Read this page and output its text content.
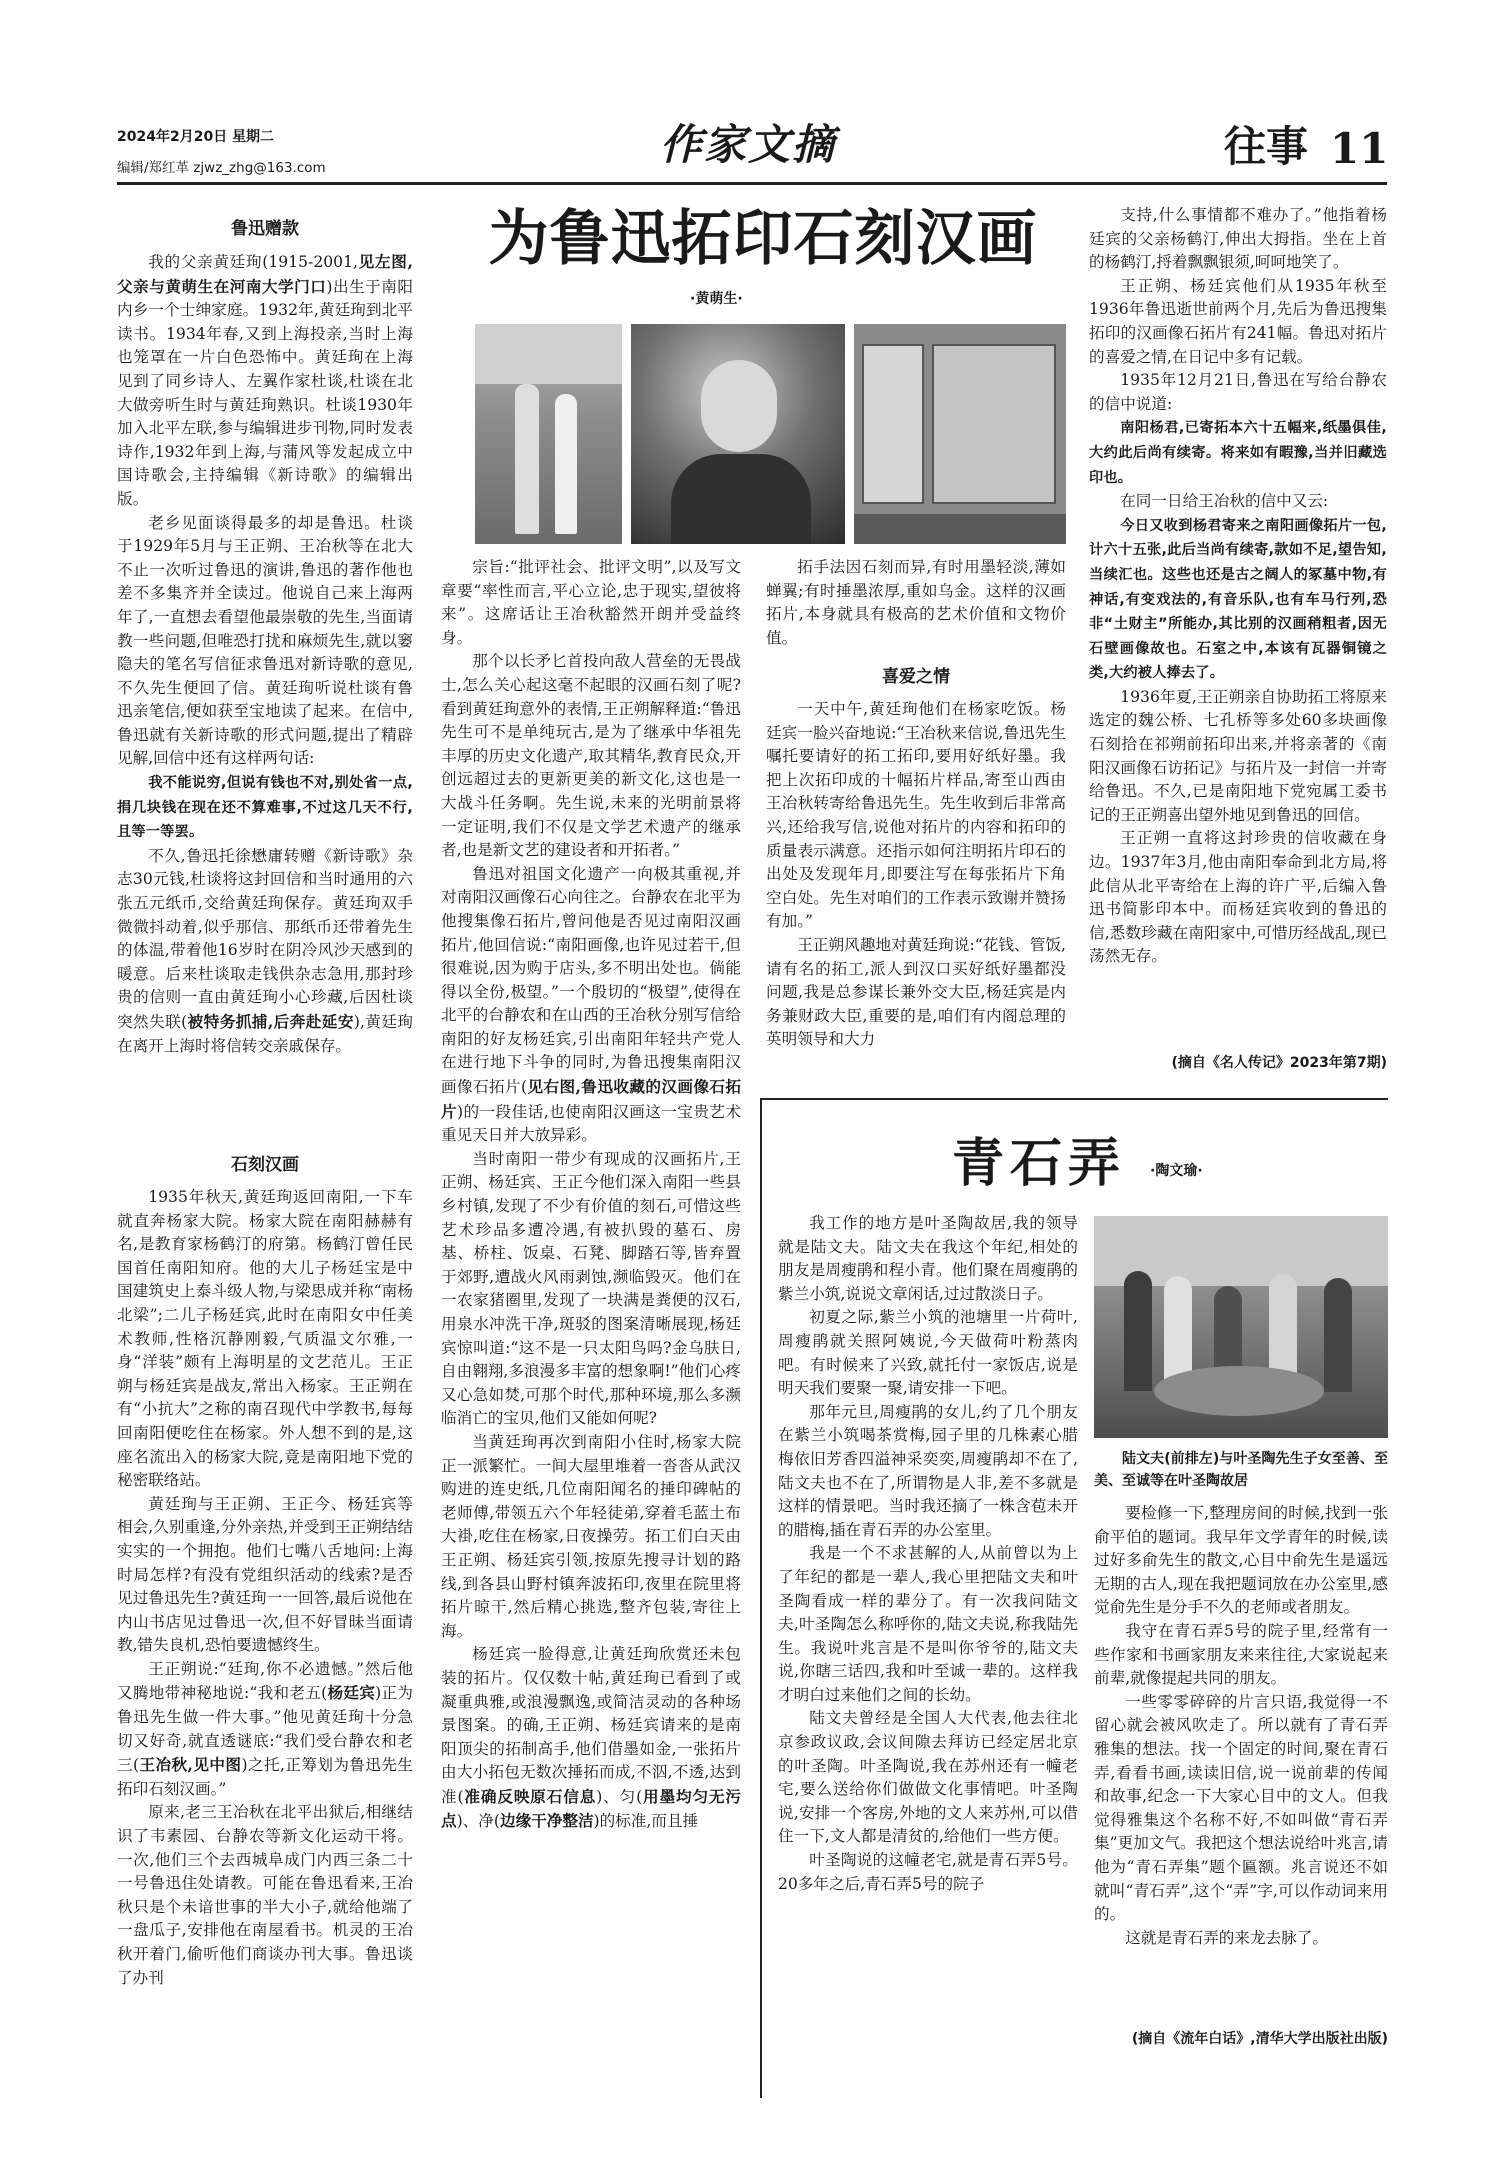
2024年2月20日 星期二
编辑/郑红革 zjwz_zhg@163.com	作家文摘	往事 11
为鲁迅拓印石刻汉画
·黄萌生·
鲁迅赠款

我的父亲黄廷珣(1915-2001,见左图,父亲与黄萌生在河南大学门口)出生于南阳内乡一个士绅家庭。1932年,黄廷珣到北平读书。1934年春,又到上海投亲,当时上海也笼罩在一片白色恐怖中。黄廷珣在上海见到了同乡诗人、左翼作家杜谈,杜谈在北大做旁听生时与黄廷珣熟识。杜谈1930年加入北平左联,参与编辑进步刊物,同时发表诗作,1932年到上海,与蒲风等发起成立中国诗歌会,主持编辑《新诗歌》的编辑出版。

老乡见面谈得最多的却是鲁迅。杜谈于1929年5月与王正朔、王冶秋等在北大不止一次听过鲁迅的演讲,鲁迅的著作他也差不多集齐并全读过。他说自己来上海两年了,一直想去看望他最崇敬的先生,当面请教一些问题,但唯恐打扰和麻烦先生,就以窭隐夫的笔名写信征求鲁迅对新诗歌的意见,不久先生便回了信。黄廷珣听说杜谈有鲁迅亲笔信,便如获至宝地读了起来。在信中,鲁迅就有关新诗歌的形式问题,提出了精辟见解,回信中还有这样两句话:

我不能说穷,但说有钱也不对,别处省一点,捐几块钱在现在还不算难事,不过这几天不行,且等一等罢。

不久,鲁迅托徐懋庸转赠《新诗歌》杂志30元钱,杜谈将这封回信和当时通用的六张五元纸币,交给黄廷珣保存。黄廷珣双手微微抖动着,似乎那信、那纸币还带着先生的体温,带着他16岁时在阴冷风沙天感到的暖意。后来杜谈取走钱供杂志急用,那封珍贵的信则一直由黄廷珣小心珍藏,后因杜谈突然失联(被特务抓捕,后奔赴延安),黄廷珣在离开上海时将信转交亲戚保存。

石刻汉画

1935年秋天,黄廷珣返回南阳,一下车就直奔杨家大院。杨家大院在南阳赫赫有名,是教育家杨鹤汀的府第。杨鹤汀曾任民国首任南阳知府。他的大儿子杨廷宝是中国建筑史上泰斗级人物,与梁思成并称“南杨北梁”;二儿子杨廷宾,此时在南阳女中任美术教师,性格沉静刚毅,气质温文尔雅,一身“洋装”颇有上海明星的文艺范儿。王正朔与杨廷宾是战友,常出入杨家。王正朔在有“小抗大”之称的南召现代中学教书,每每回南阳便吃住在杨家。外人想不到的是,这座名流出入的杨家大院,竟是南阳地下党的秘密联络站。

黄廷珣与王正朔、王正今、杨廷宾等相会,久别重逢,分外亲热,并受到王正朔结结实实的一个拥抱。他们七嘴八舌地问:上海时局怎样?有没有党组织活动的线索?是否见过鲁迅先生?黄廷珣一一回答,最后说他在内山书店见过鲁迅一次,但不好冒昧当面请教,错失良机,恐怕要遗憾终生。

王正朔说:“廷珣,你不必遗憾。”然后他又腾地带神秘地说:“我和老五(杨廷宾)正为鲁迅先生做一件大事。”他见黄廷珣十分急切又好奇,就直透谜底:“我们受台静农和老三(王冶秋,见中图)之托,正筹划为鲁迅先生拓印石刻汉画。”

原来,老三王冶秋在北平出狱后,相继结识了韦素园、台静农等新文化运动干将。一次,他们三个去西城阜成门内西三条二十一号鲁迅住处请教。可能在鲁迅看来,王冶秋只是个未谙世事的半大小子,就给他端了一盘瓜子,安排他在南屋看书。机灵的王冶秋开着门,偷听他们商谈办刊大事。鲁迅谈了办刊

宗旨:“批评社会、批评文明”,以及写文章要“率性而言,平心立论,忠于现实,望彼将来”。这席话让王冶秋豁然开朗并受益终身。

那个以长矛匕首投向敌人营垒的无畏战士,怎么关心起这毫不起眼的汉画石刻了呢?看到黄廷珣意外的表情,王正朔解释道:“鲁迅先生可不是单纯玩古,是为了继承中华祖先丰厚的历史文化遗产,取其精华,教育民众,开创远超过去的更新更美的新文化,这也是一大战斗任务啊。先生说,未来的光明前景将一定证明,我们不仅是文学艺术遗产的继承者,也是新文艺的建设者和开拓者。”

鲁迅对祖国文化遗产一向极其重视,并对南阳汉画像石心向往之。台静农在北平为他搜集像石拓片,曾问他是否见过南阳汉画拓片,他回信说:“南阳画像,也许见过若干,但很难说,因为购于店头,多不明出处也。倘能得以全份,极望。”一个殷切的“极望”,使得在北平的台静农和在山西的王冶秋分别写信给南阳的好友杨廷宾,引出南阳年轻共产党人在进行地下斗争的同时,为鲁迅搜集南阳汉画像石拓片(见右图,鲁迅收藏的汉画像石拓片)的一段佳话,也使南阳汉画这一宝贵艺术重见天日并大放异彩。

当时南阳一带少有现成的汉画拓片,王正朔、杨廷宾、王正今他们深入南阳一些县乡村镇,发现了不少有价值的刻石,可惜这些艺术珍品多遭冷遇,有被扒毁的墓石、房基、桥柱、饭桌、石凳、脚踏石等,皆弃置于郊野,遭战火风雨剥蚀,濒临毁灭。他们在一农家猪圈里,发现了一块满是粪便的汉石,用泉水冲洗干净,斑驳的图案清晰展现,杨廷宾惊叫道:“这不是一只太阳鸟吗?金乌肤日,自由翱翔,多浪漫多丰富的想象啊!”他们心疼又心急如焚,可那个时代,那种环境,那么多濒临消亡的宝贝,他们又能如何呢?

当黄廷珣再次到南阳小住时,杨家大院正一派繁忙。一间大屋里堆着一沓沓从武汉购进的连史纸,几位南阳闻名的捶印碑帖的老师傅,带领五六个年轻徒弟,穿着毛蓝土布大褂,吃住在杨家,日夜操劳。拓工们白天由王正朔、杨廷宾引领,按原先搜寻计划的路线,到各县山野村镇奔波拓印,夜里在院里将拓片晾干,然后精心挑选,整齐包装,寄往上海。

杨廷宾一脸得意,让黄廷珣欣赏还未包装的拓片。仅仅数十帖,黄廷珣已看到了或凝重典雅,或浪漫飘逸,或简洁灵动的各种场景图案。的确,王正朔、杨廷宾请来的是南阳顶尖的拓制高手,他们借墨如金,一张拓片由大小拓包无数次捶拓而成,不泅,不透,达到准(准确反映原石信息)、匀(用墨均匀无污点)、净(边缘干净整洁)的标准,而且捶

拓手法因石刻而异,有时用墨轻淡,薄如蝉翼;有时捶墨浓厚,重如乌金。这样的汉画拓片,本身就具有极高的艺术价值和文物价值。

喜爱之情

一天中午,黄廷珣他们在杨家吃饭。杨廷宾一脸兴奋地说:“王冶秋来信说,鲁迅先生嘱托要请好的拓工拓印,要用好纸好墨。我把上次拓印成的十幅拓片样品,寄至山西由王冶秋转寄给鲁迅先生。先生收到后非常高兴,还给我写信,说他对拓片的内容和拓印的质量表示满意。还指示如何注明拓片印石的出处及发现年月,即要注写在每张拓片下角空白处。先生对咱们的工作表示致谢并赞扬有加。”

王正朔风趣地对黄廷珣说:“花钱、管饭,请有名的拓工,派人到汉口买好纸好墨都没问题,我是总参谋长兼外交大臣,杨廷宾是内务兼财政大臣,重要的是,咱们有内阁总理的英明领导和大力

支持,什么事情都不难办了。”他指着杨廷宾的父亲杨鹤汀,伸出大拇指。坐在上首的杨鹤汀,捋着飘飘银须,呵呵地笑了。

王正朔、杨廷宾他们从1935年秋至1936年鲁迅逝世前两个月,先后为鲁迅搜集拓印的汉画像石拓片有241幅。鲁迅对拓片的喜爱之情,在日记中多有记载。

1935年12月21日,鲁迅在写给台静农的信中说道:

南阳杨君,已寄拓本六十五幅来,纸墨俱佳,大约此后尚有续寄。将来如有暇豫,当并旧藏选印也。

在同一日给王冶秋的信中又云:

今日又收到杨君寄来之南阳画像拓片一包,计六十五张,此后当尚有续寄,款如不足,望告知,当续汇也。这些也还是古之阔人的冢墓中物,有神话,有变戏法的,有音乐队,也有车马行列,恐非“土财主”所能办,其比别的汉画稍粗者,因无石壁画像故也。石室之中,本该有瓦器铜镜之类,大约被人捧去了。

1936年夏,王正朔亲自协助拓工将原来选定的魏公桥、七孔桥等多处60多块画像石刻拾在祁朔前拓印出来,并将亲著的《南阳汉画像石访拓记》与拓片及一封信一并寄给鲁迅。不久,已是南阳地下党宛属工委书记的王正朔喜出望外地见到鲁迅的回信。

王正朔一直将这封珍贵的信收藏在身边。1937年3月,他由南阳奉命到北方局,将此信从北平寄给在上海的许广平,后编入鲁迅书简影印本中。而杨廷宾收到的鲁迅的信,悉数珍藏在南阳家中,可惜历经战乱,现已荡然无存。

(摘自《名人传记》2023年第7期)
青石弄 ·陶文瑜·

我工作的地方是叶圣陶故居,我的领导就是陆文夫。陆文夫在我这个年纪,相处的朋友是周瘦鹃和程小青。他们聚在周瘦鹃的紫兰小筑,说说文章闲话,过过散淡日子。

初夏之际,紫兰小筑的池塘里一片荷叶,周瘦鹃就关照阿姨说,今天做荷叶粉蒸肉吧。有时候来了兴致,就托付一家饭店,说是明天我们要聚一聚,请安排一下吧。

那年元旦,周瘦鹃的女儿,约了几个朋友在紫兰小筑喝茶赏梅,园子里的几株素心腊梅依旧芳香四溢神采奕奕,周瘦鹃却不在了,陆文夫也不在了,所谓物是人非,差不多就是这样的情景吧。当时我还摘了一株含苞未开的腊梅,插在青石弄的办公室里。

我是一个不求甚解的人,从前曾以为上了年纪的都是一辈人,我心里把陆文夫和叶圣陶看成一样的辈分了。有一次我问陆文夫,叶圣陶怎么称呼你的,陆文夫说,称我陆先生。我说叶兆言是不是叫你爷爷的,陆文夫说,你瞎三话四,我和叶至诚一辈的。这样我才明白过来他们之间的长幼。

陆文夫曾经是全国人大代表,他去往北京参政议政,会议间隙去拜访已经定居北京的叶圣陶。叶圣陶说,我在苏州还有一幢老宅,要么送给你们做做文化事情吧。叶圣陶说,安排一个客房,外地的文人来苏州,可以借住一下,文人都是清贫的,给他们一些方便。

叶圣陶说的这幢老宅,就是青石弄5号。20多年之后,青石弄5号的院子

陆文夫(前排左)与叶圣陶先生子女至善、至美、至诚等在叶圣陶故居

要检修一下,整理房间的时候,找到一张俞平伯的题词。我早年文学青年的时候,读过好多俞先生的散文,心目中俞先生是遥远无期的古人,现在我把题词放在办公室里,感觉俞先生是分手不久的老师或者朋友。

我守在青石弄5号的院子里,经常有一些作家和书画家朋友来来往往,大家说起来前辈,就像提起共同的朋友。

一些零零碎碎的片言只语,我觉得一不留心就会被风吹走了。所以就有了青石弄雅集的想法。找一个固定的时间,聚在青石弄,看看书画,读读旧信,说一说前辈的传闻和故事,纪念一下大家心目中的文人。但我觉得雅集这个名称不好,不如叫做“青石弄集”更加文气。我把这个想法说给叶兆言,请他为“青石弄集”题个匾额。兆言说还不如就叫“青石弄”,这个“弄”字,可以作动词来用的。

这就是青石弄的来龙去脉了。

(摘自《流年白话》,清华大学出版社出版)
